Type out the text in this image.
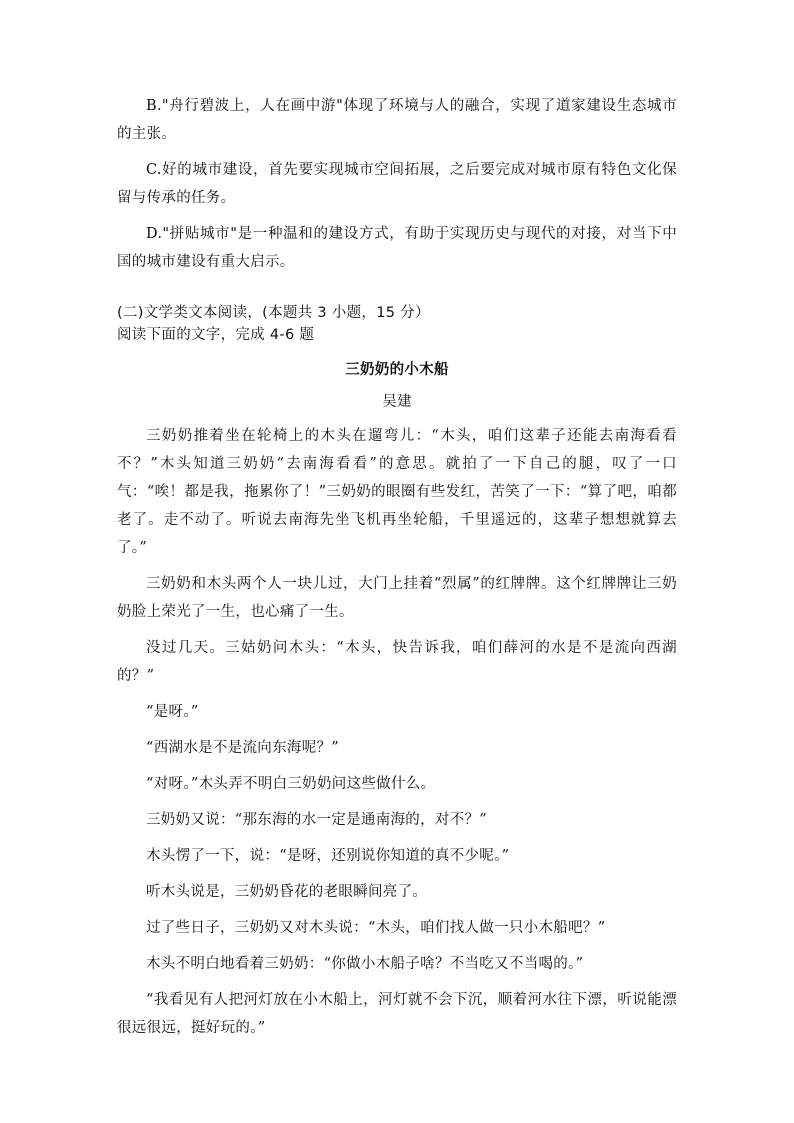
B."舟行碧波上，人在画中游"体现了环境与人的融合，实现了道家建设生态城市的主张。

C.好的城市建设，首先要实现城市空间拓展，之后要完成对城市原有特色文化保留与传承的任务。

D."拼贴城市"是一种温和的建设方式，有助于实现历史与现代的对接，对当下中国的城市建设有重大启示。

(二)文学类文本阅读，(本题共 3 小题，15 分）

阅读下面的文字，完成 4-6 题

三奶奶的小木船

吴建

三奶奶推着坐在轮椅上的木头在遛弯儿：“木头，咱们这辈子还能去南海看看不？”木头知道三奶奶“去南海看看”的意思。就拍了一下自己的腿，叹了一口气：“唉！都是我，拖累你了！”三奶奶的眼圈有些发红，苦笑了一下：“算了吧，咱都老了。走不动了。听说去南海先坐飞机再坐轮船，千里遥远的，这辈子想想就算去了。”

三奶奶和木头两个人一块儿过，大门上挂着“烈属”的红牌牌。这个红牌牌让三奶奶脸上荣光了一生，也心痛了一生。

没过几天。三姑奶问木头：“木头，快告诉我，咱们薛河的水是不是流向西湖的？”

“是呀。”

“西湖水是不是流向东海呢？”

“对呀。”木头弄不明白三奶奶问这些做什么。

三奶奶又说：“那东海的水一定是通南海的，对不？”

木头愣了一下，说：“是呀，还别说你知道的真不少呢。”

听木头说是，三奶奶昏花的老眼瞬间亮了。

过了些日子，三奶奶又对木头说：“木头，咱们找人做一只小木船吧？”

木头不明白地看着三奶奶：“你做小木船子啥？不当吃又不当喝的。”

“我看见有人把河灯放在小木船上，河灯就不会下沉，顺着河水往下漂，听说能漂很远很远，挺好玩的。”
